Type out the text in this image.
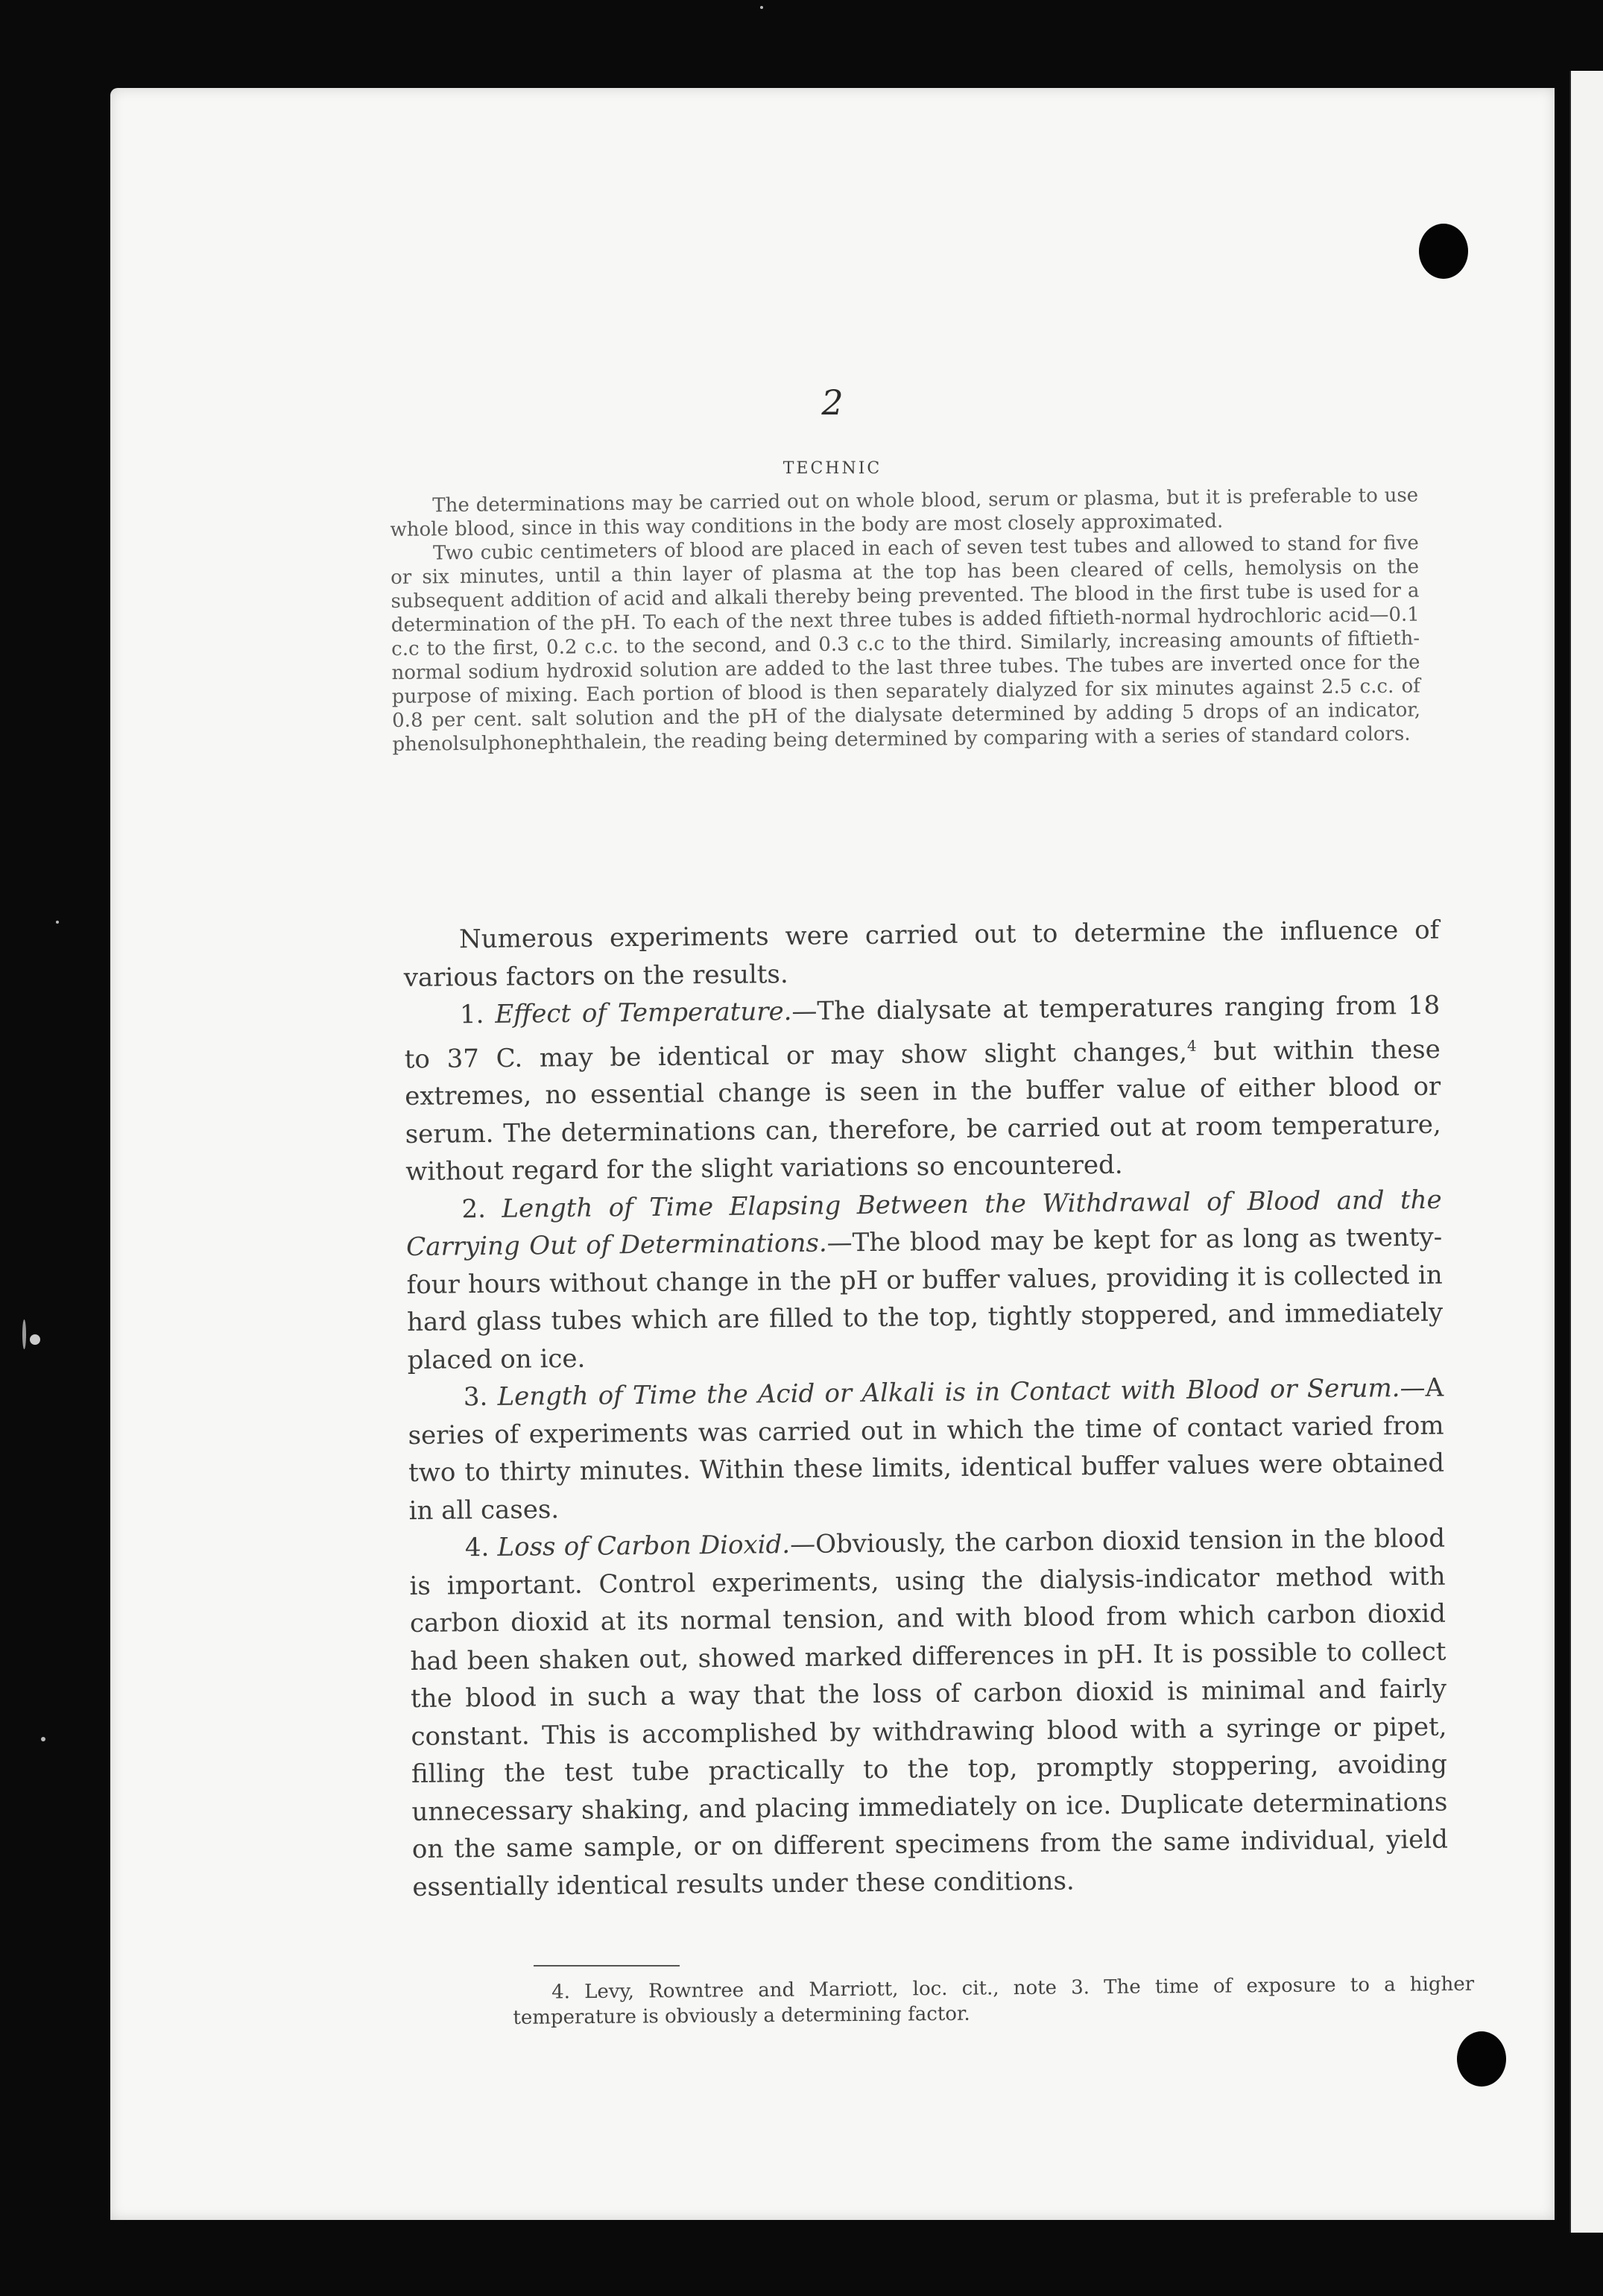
2
TECHNIC

The determinations may be carried out on whole blood, serum or plasma, but it is preferable to use whole blood, since in this way conditions in the body are most closely approximated.

Two cubic centimeters of blood are placed in each of seven test tubes and allowed to stand for five or six minutes, until a thin layer of plasma at the top has been cleared of cells, hemolysis on the subsequent addition of acid and alkali thereby being prevented. The blood in the first tube is used for a determination of the pH. To each of the next three tubes is added fiftieth-normal hydrochloric acid—0.1 c.c to the first, 0.2 c.c. to the second, and 0.3 c.c to the third. Similarly, increasing amounts of fiftieth-normal sodium hydroxid solution are added to the last three tubes. The tubes are inverted once for the purpose of mixing. Each portion of blood is then separately dialyzed for six minutes against 2.5 c.c. of 0.8 per cent. salt solution and the pH of the dialysate determined by adding 5 drops of an indicator, phenolsulphonephthalein, the reading being determined by comparing with a series of standard colors.

Numerous experiments were carried out to determine the influence of various factors on the results.

1. Effect of Temperature.—The dialysate at temperatures ranging from 18 to 37 C. may be identical or may show slight changes,$^4$ but within these extremes, no essential change is seen in the buffer value of either blood or serum. The determinations can, therefore, be carried out at room temperature, without regard for the slight variations so encountered.

2. Length of Time Elapsing Between the Withdrawal of Blood and the Carrying Out of Determinations.—The blood may be kept for as long as twenty-four hours without change in the pH or buffer values, providing it is collected in hard glass tubes which are filled to the top, tightly stoppered, and immediately placed on ice.

3. Length of Time the Acid or Alkali is in Contact with Blood or Serum.—A series of experiments was carried out in which the time of contact varied from two to thirty minutes. Within these limits, identical buffer values were obtained in all cases.

4. Loss of Carbon Dioxid.—Obviously, the carbon dioxid tension in the blood is important. Control experiments, using the dialysis-indicator method with carbon dioxid at its normal tension, and with blood from which carbon dioxid had been shaken out, showed marked differences in pH. It is possible to collect the blood in such a way that the loss of carbon dioxid is minimal and fairly constant. This is accomplished by withdrawing blood with a syringe or pipet, filling the test tube practically to the top, promptly stoppering, avoiding unnecessary shaking, and placing immediately on ice. Duplicate determinations on the same sample, or on different specimens from the same individual, yield essentially identical results under these conditions.

4. Levy, Rowntree and Marriott, loc. cit., note 3. The time of exposure to a higher temperature is obviously a determining factor.
